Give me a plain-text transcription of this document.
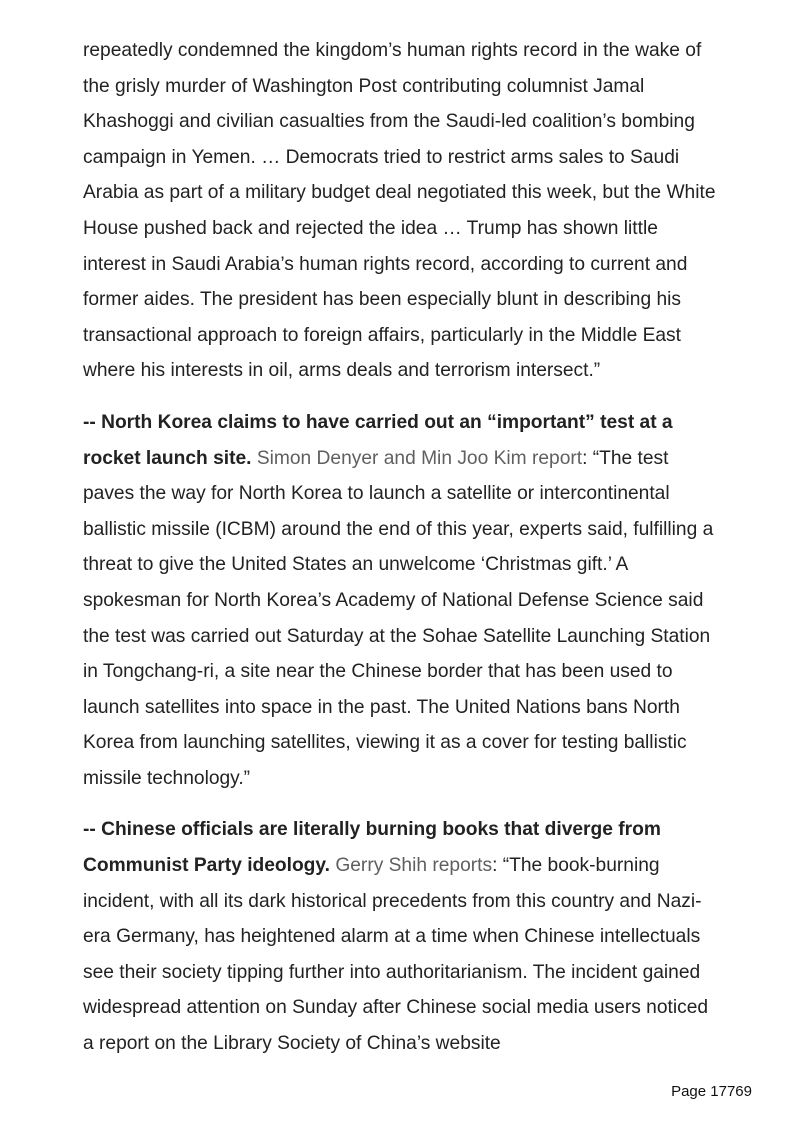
repeatedly condemned the kingdom’s human rights record in the wake of the grisly murder of Washington Post contributing columnist Jamal Khashoggi and civilian casualties from the Saudi-led coalition’s bombing campaign in Yemen. … Democrats tried to restrict arms sales to Saudi Arabia as part of a military budget deal negotiated this week, but the White House pushed back and rejected the idea … Trump has shown little interest in Saudi Arabia’s human rights record, according to current and former aides. The president has been especially blunt in describing his transactional approach to foreign affairs, particularly in the Middle East where his interests in oil, arms deals and terrorism intersect.”

-- North Korea claims to have carried out an “important” test at a rocket launch site. Simon Denyer and Min Joo Kim report: “The test paves the way for North Korea to launch a satellite or intercontinental ballistic missile (ICBM) around the end of this year, experts said, fulfilling a threat to give the United States an unwelcome ‘Christmas gift.’ A spokesman for North Korea’s Academy of National Defense Science said the test was carried out Saturday at the Sohae Satellite Launching Station in Tongchang-ri, a site near the Chinese border that has been used to launch satellites into space in the past. The United Nations bans North Korea from launching satellites, viewing it as a cover for testing ballistic missile technology.”

-- Chinese officials are literally burning books that diverge from Communist Party ideology. Gerry Shih reports: “The book-burning incident, with all its dark historical precedents from this country and Nazi-era Germany, has heightened alarm at a time when Chinese intellectuals see their society tipping further into authoritarianism. The incident gained widespread attention on Sunday after Chinese social media users noticed a report on the Library Society of China’s website

Page 17769
